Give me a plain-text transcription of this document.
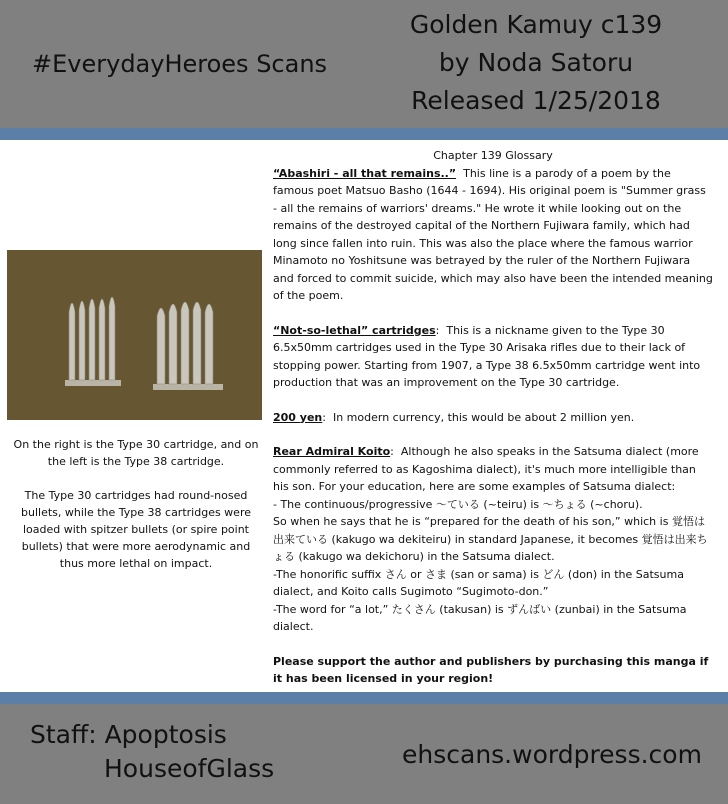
#EverydayHeroes Scans
Golden Kamuy c139
by Noda Satoru
Released 1/25/2018

On the right is the Type 30 cartridge, and on the left is the Type 38 cartridge.

The Type 30 cartridges had round-nosed bullets, while the Type 38 cartridges were loaded with spitzer bullets (or spire point bullets) that were more aerodynamic and thus more lethal on impact.

Chapter 139 Glossary

“Abashiri - all that remains..” This line is a parody of a poem by the famous poet Matsuo Basho (1644 - 1694). His original poem is "Summer grass - all the remains of warriors' dreams." He wrote it while looking out on the remains of the destroyed capital of the Northern Fujiwara family, which had long since fallen into ruin. This was also the place where the famous warrior Minamoto no Yoshitsune was betrayed by the ruler of the Northern Fujiwara and forced to commit suicide, which may also have been the intended meaning of the poem.

“Not-so-lethal” cartridges:  This is a nickname given to the Type 30 6.5x50mm cartridges used in the Type 30 Arisaka rifles due to their lack of stopping power. Starting from 1907, a Type 38 6.5x50mm cartridge went into production that was an improvement on the Type 30 cartridge.

200 yen:  In modern currency, this would be about 2 million yen.

Rear Admiral Koito:  Although he also speaks in the Satsuma dialect (more commonly referred to as Kagoshima dialect), it's much more intelligible than his son. For your education, here are some examples of Satsuma dialect:
- The continuous/progressive ～ている (~teiru) is ～ちょる (~choru).
So when he says that he is “prepared for the death of his son,” which is 覚悟は出来ている (kakugo wa dekiteiru) in standard Japanese, it becomes 覚悟は出来ちょる (kakugo wa dekichoru) in the Satsuma dialect.
-The honorific suffix さん or さま (san or sama) is どん (don) in the Satsuma dialect, and Koito calls Sugimoto “Sugimoto-don.”
-The word for “a lot,” たくさん (takusan) is ずんばい (zunbai) in the Satsuma dialect.

Please support the author and publishers by purchasing this manga if it has been licensed in your region!

Staff: Apoptosis
HouseofGlass	ehscans.wordpress.com
